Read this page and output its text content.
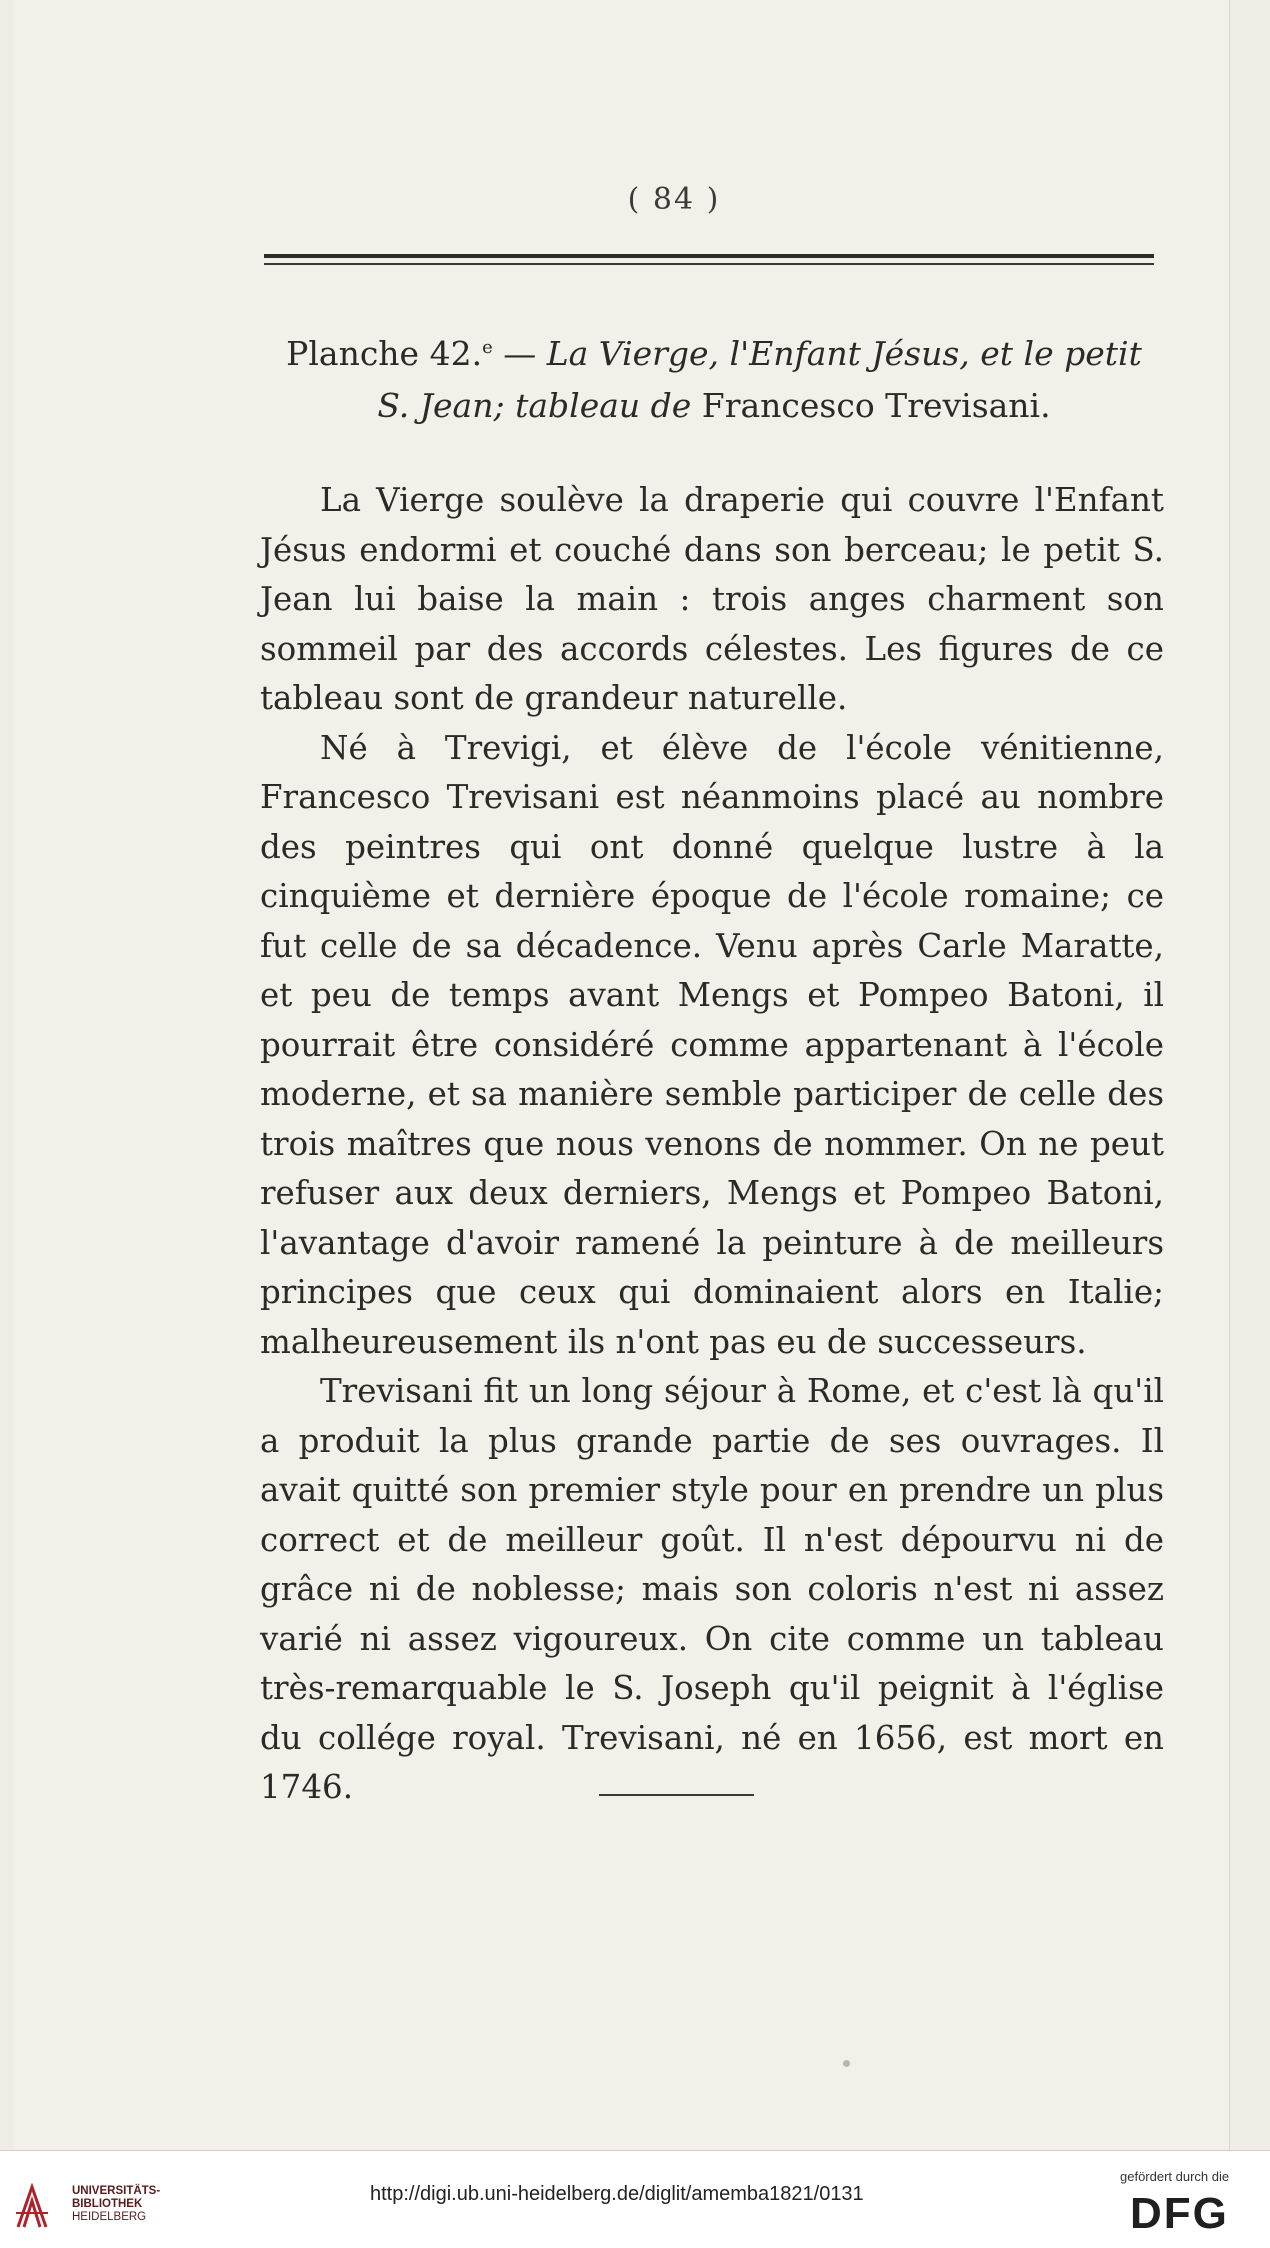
( 84 )
Planche 42.$^e$ — La Vierge, l'Enfant Jésus, et le petit
S. Jean; tableau de Francesco Trevisani.

La Vierge soulève la draperie qui couvre l'Enfant Jésus endormi et couché dans son berceau; le petit S. Jean lui baise la main : trois anges charment son sommeil par des accords célestes. Les figures de ce tableau sont de grandeur naturelle.

Né à Trevigi, et élève de l'école vénitienne, Francesco Trevisani est néanmoins placé au nombre des peintres qui ont donné quelque lustre à la cinquième et dernière époque de l'école romaine; ce fut celle de sa décadence. Venu après Carle Maratte, et peu de temps avant Mengs et Pompeo Batoni, il pourrait être considéré comme appartenant à l'école moderne, et sa manière semble participer de celle des trois maîtres que nous venons de nommer. On ne peut refuser aux deux derniers, Mengs et Pompeo Batoni, l'avantage d'avoir ramené la peinture à de meilleurs principes que ceux qui dominaient alors en Italie; malheureusement ils n'ont pas eu de successeurs.

Trevisani fit un long séjour à Rome, et c'est là qu'il a produit la plus grande partie de ses ouvrages. Il avait quitté son premier style pour en prendre un plus correct et de meilleur goût. Il n'est dépourvu ni de grâce ni de noblesse; mais son coloris n'est ni assez varié ni assez vigoureux. On cite comme un tableau très-remarquable le S. Joseph qu'il peignit à l'église du collége royal. Trevisani, né en 1656, est mort en 1746.

UNIVERSITÄTS-
BIBLIOTHEK
HEIDELBERG
http://digi.ub.uni-heidelberg.de/diglit/amemba1821/0131
gefördert durch die
DFG
